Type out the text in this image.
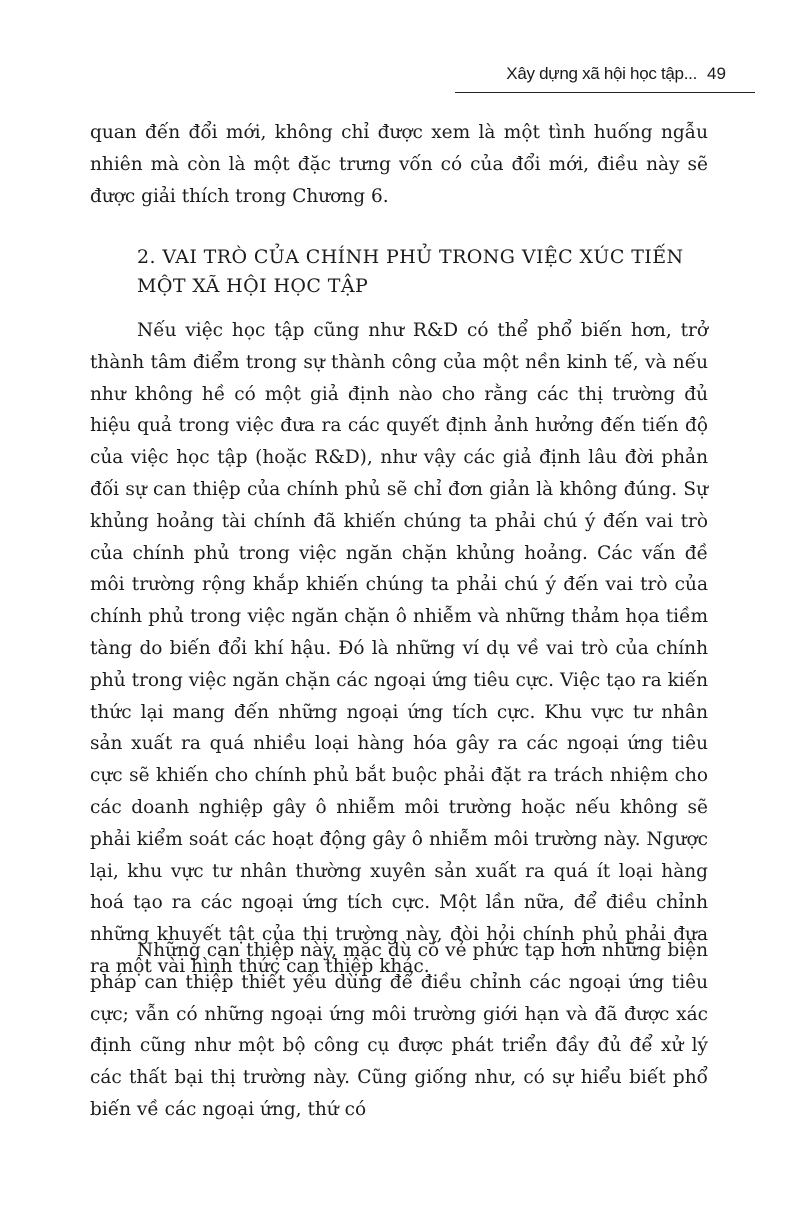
Xây dựng xã hội học tập... 49

quan đến đổi mới, không chỉ được xem là một tình huống ngẫu nhiên mà còn là một đặc trưng vốn có của đổi mới, điều này sẽ được giải thích trong Chương 6.

2. VAI TRÒ CỦA CHÍNH PHỦ TRONG VIỆC XÚC TIẾN
MỘT XÃ HỘI HỌC TẬP

Nếu việc học tập cũng như R&D có thể phổ biến hơn, trở thành tâm điểm trong sự thành công của một nền kinh tế, và nếu như không hề có một giả định nào cho rằng các thị trường đủ hiệu quả trong việc đưa ra các quyết định ảnh hưởng đến tiến độ của việc học tập (hoặc R&D), như vậy các giả định lâu đời phản đối sự can thiệp của chính phủ sẽ chỉ đơn giản là không đúng. Sự khủng hoảng tài chính đã khiến chúng ta phải chú ý đến vai trò của chính phủ trong việc ngăn chặn khủng hoảng. Các vấn đề môi trường rộng khắp khiến chúng ta phải chú ý đến vai trò của chính phủ trong việc ngăn chặn ô nhiễm và những thảm họa tiềm tàng do biến đổi khí hậu. Đó là những ví dụ về vai trò của chính phủ trong việc ngăn chặn các ngoại ứng tiêu cực. Việc tạo ra kiến thức lại mang đến những ngoại ứng tích cực. Khu vực tư nhân sản xuất ra quá nhiều loại hàng hóa gây ra các ngoại ứng tiêu cực sẽ khiến cho chính phủ bắt buộc phải đặt ra trách nhiệm cho các doanh nghiệp gây ô nhiễm môi trường hoặc nếu không sẽ phải kiểm soát các hoạt động gây ô nhiễm môi trường này. Ngược lại, khu vực tư nhân thường xuyên sản xuất ra quá ít loại hàng hoá tạo ra các ngoại ứng tích cực. Một lần nữa, để điều chỉnh những khuyết tật của thị trường này, đòi hỏi chính phủ phải đưa ra một vài hình thức can thiệp khác.

Những can thiệp này, mặc dù có vẻ phức tạp hơn những biện pháp can thiệp thiết yếu dùng để điều chỉnh các ngoại ứng tiêu cực; vẫn có những ngoại ứng môi trường giới hạn và đã được xác định cũng như một bộ công cụ được phát triển đầy đủ để xử lý các thất bại thị trường này. Cũng giống như, có sự hiểu biết phổ biến về các ngoại ứng, thứ có
